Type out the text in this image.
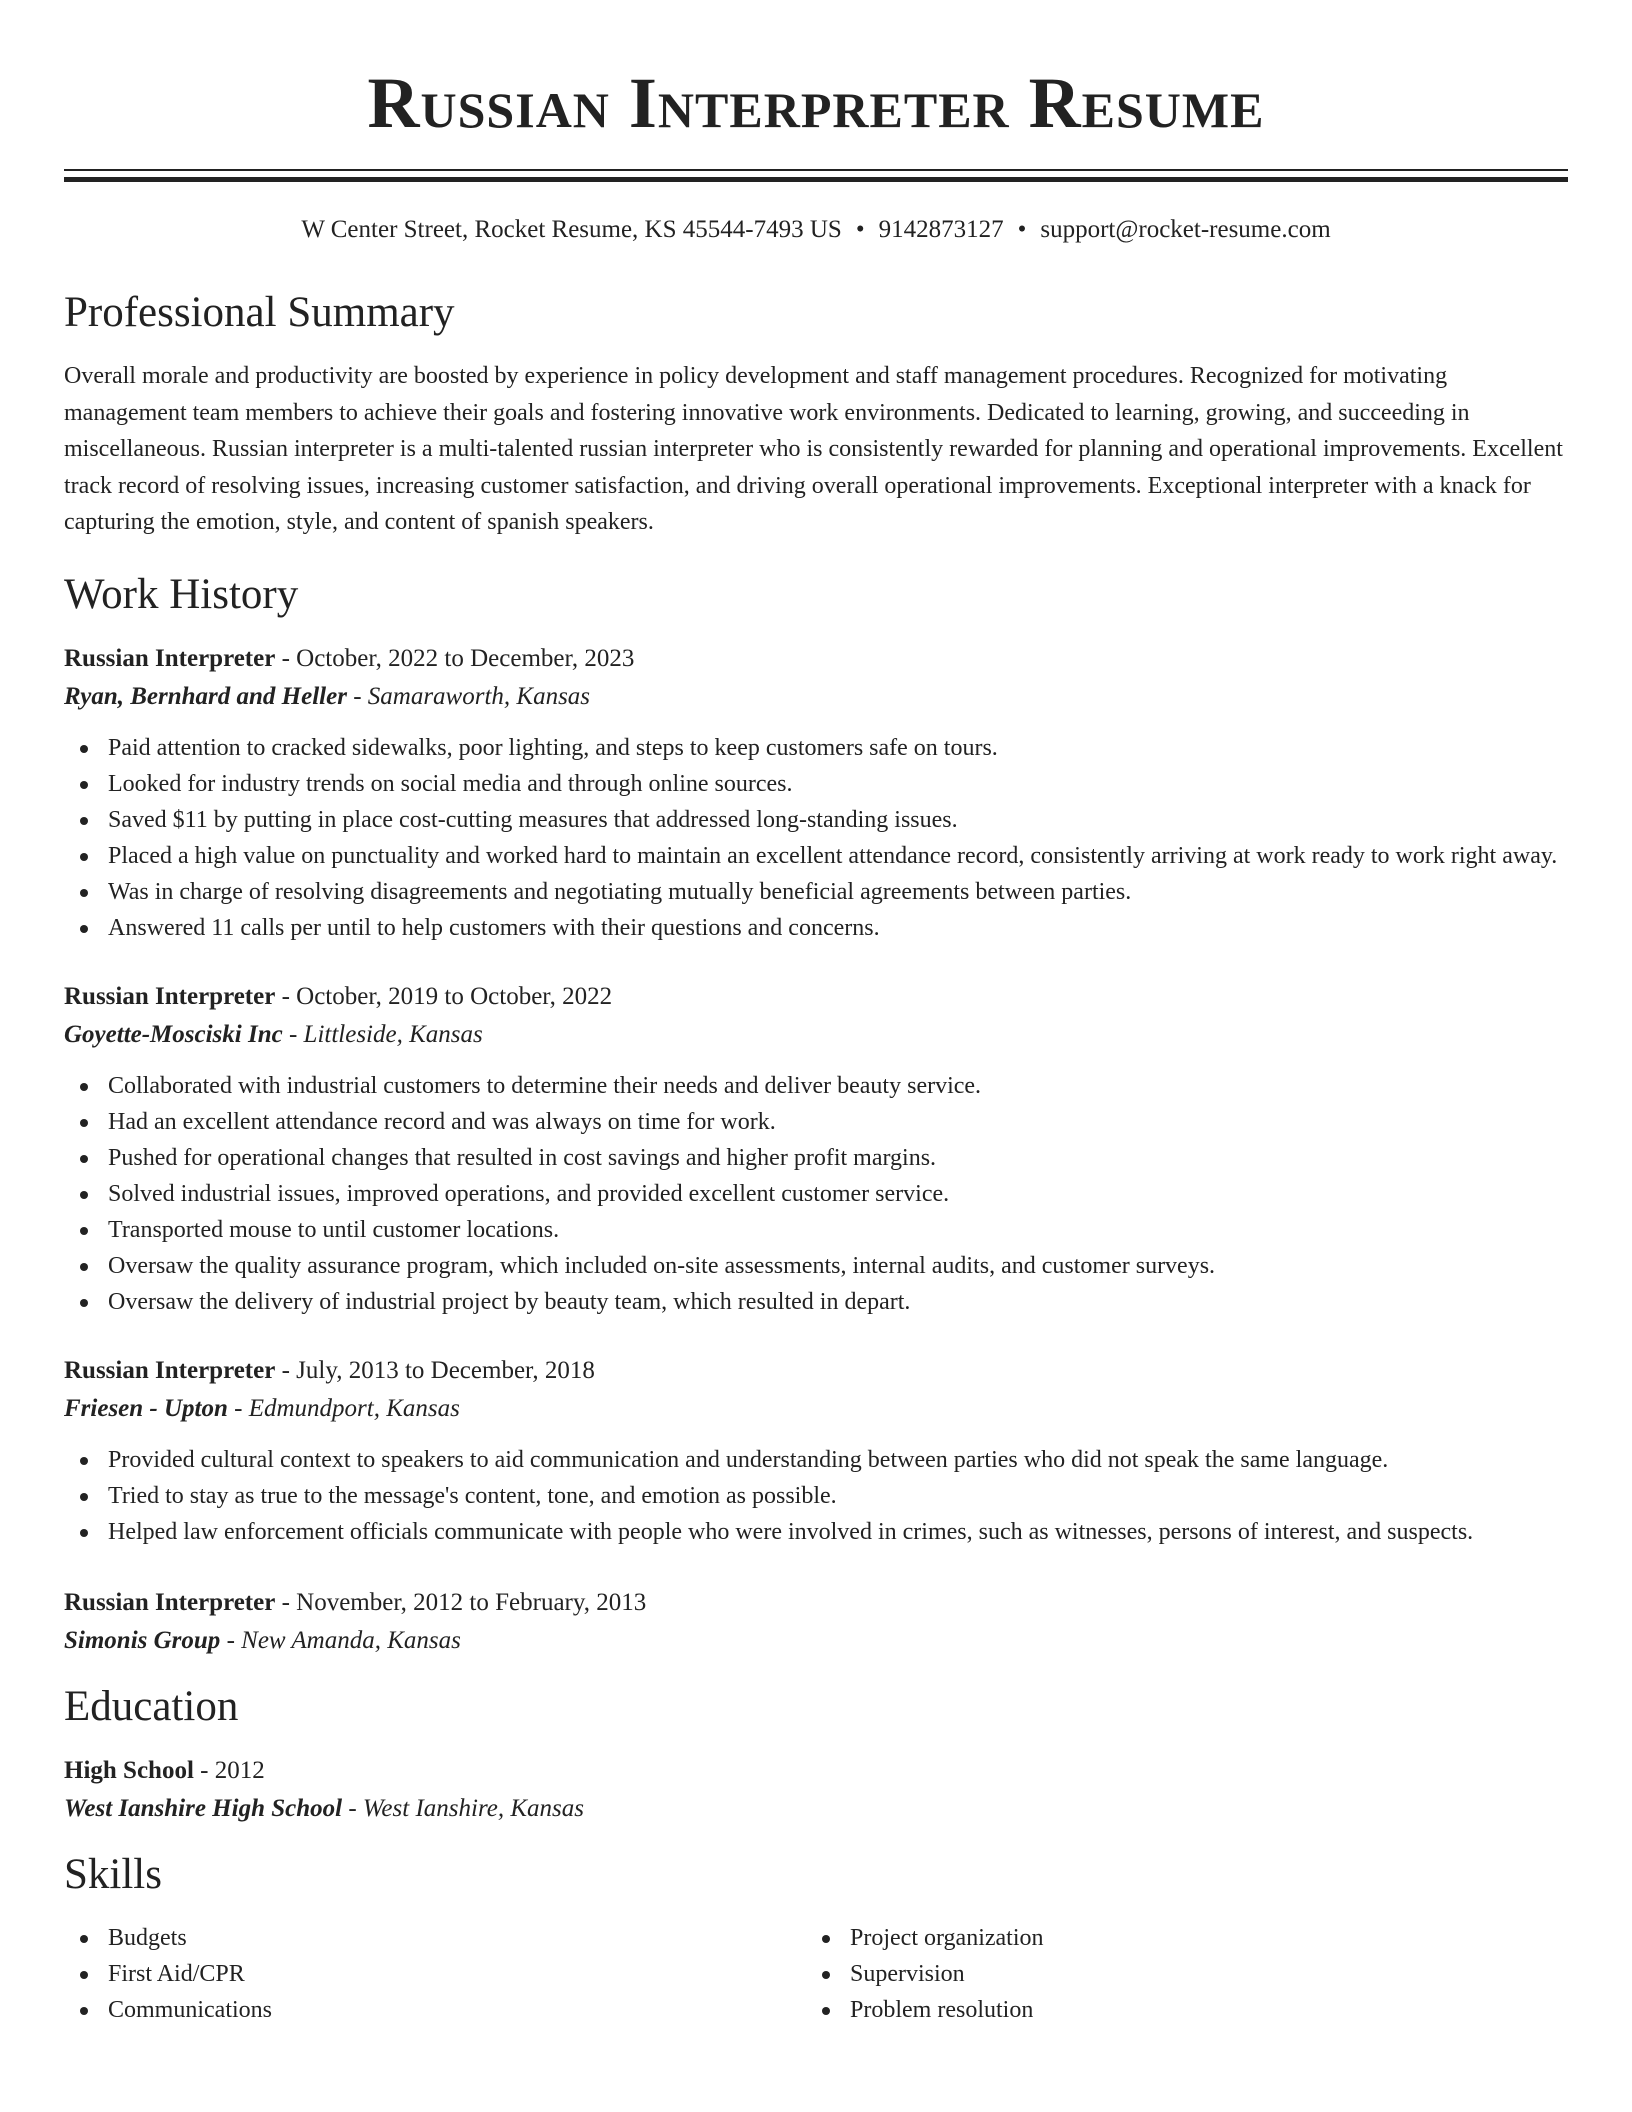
Russian Interpreter Resume
W Center Street, Rocket Resume, KS 45544-7493 US • 9142873127 • support@rocket-resume.com
Professional Summary
Overall morale and productivity are boosted by experience in policy development and staff management procedures. Recognized for motivating management team members to achieve their goals and fostering innovative work environments. Dedicated to learning, growing, and succeeding in miscellaneous. Russian interpreter is a multi-talented russian interpreter who is consistently rewarded for planning and operational improvements. Excellent track record of resolving issues, increasing customer satisfaction, and driving overall operational improvements. Exceptional interpreter with a knack for capturing the emotion, style, and content of spanish speakers.
Work History
Russian Interpreter - October, 2022 to December, 2023
Ryan, Bernhard and Heller - Samaraworth, Kansas
Paid attention to cracked sidewalks, poor lighting, and steps to keep customers safe on tours.
Looked for industry trends on social media and through online sources.
Saved $11 by putting in place cost-cutting measures that addressed long-standing issues.
Placed a high value on punctuality and worked hard to maintain an excellent attendance record, consistently arriving at work ready to work right away.
Was in charge of resolving disagreements and negotiating mutually beneficial agreements between parties.
Answered 11 calls per until to help customers with their questions and concerns.
Russian Interpreter - October, 2019 to October, 2022
Goyette-Mosciski Inc - Littleside, Kansas
Collaborated with industrial customers to determine their needs and deliver beauty service.
Had an excellent attendance record and was always on time for work.
Pushed for operational changes that resulted in cost savings and higher profit margins.
Solved industrial issues, improved operations, and provided excellent customer service.
Transported mouse to until customer locations.
Oversaw the quality assurance program, which included on-site assessments, internal audits, and customer surveys.
Oversaw the delivery of industrial project by beauty team, which resulted in depart.
Russian Interpreter - July, 2013 to December, 2018
Friesen - Upton - Edmundport, Kansas
Provided cultural context to speakers to aid communication and understanding between parties who did not speak the same language.
Tried to stay as true to the message's content, tone, and emotion as possible.
Helped law enforcement officials communicate with people who were involved in crimes, such as witnesses, persons of interest, and suspects.
Russian Interpreter - November, 2012 to February, 2013
Simonis Group - New Amanda, Kansas
Education
High School - 2012
West Ianshire High School - West Ianshire, Kansas
Skills
Budgets
First Aid/CPR
Communications
Project organization
Supervision
Problem resolution
